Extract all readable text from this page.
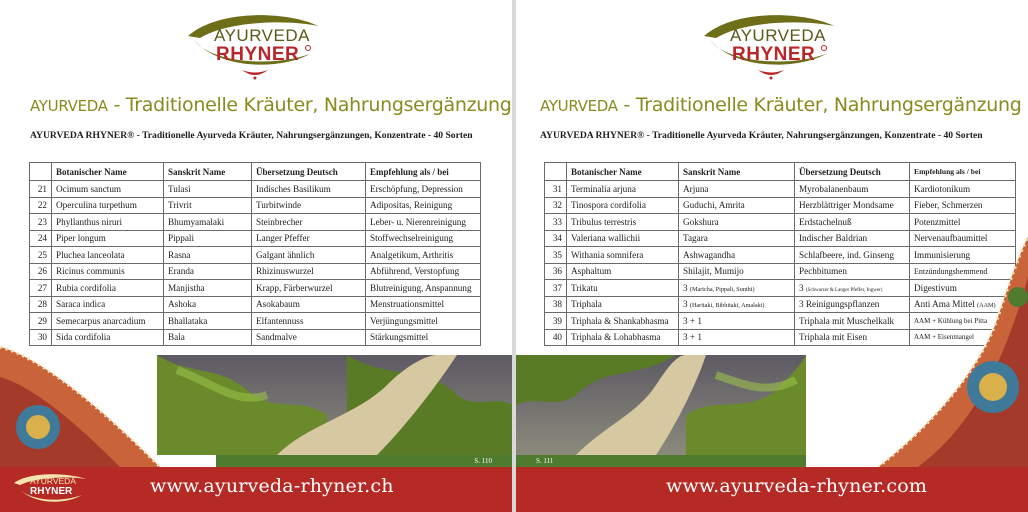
AYURVEDA
RHYNER
AYURVEDA - Traditionelle Kräuter, Nahrungsergänzung
AYURVEDA RHYNER® - Traditionelle Ayurveda Kräuter, Nahrungsergänzungen, Konzentrate - 40 Sorten
	Botanischer Name	Sanskrit Name	Übersetzung Deutsch	Empfehlung als / bei
21	Ocimum sanctum	Tulasi	Indisches Basilikum	Erschöpfung, Depression
22	Operculina turpethum	Trivrit	Turbitwinde	Adipositas, Reinigung
23	Phyllanthus niruri	Bhumyamalaki	Steinbrecher	Leber- u. Nierenreinigung
24	Piper longum	Pippali	Langer Pfeffer	Stoffwechselreinigung
25	Pluchea lanceolata	Rasna	Galgant ähnlich	Analgetikum, Arthritis
26	Ricinus communis	Eranda	Rhizinuswurzel	Abführend, Verstopfung
27	Rubia cordifolia	Manjistha	Krapp, Färberwurzel	Blutreinigung, Anspannung
28	Saraca indica	Ashoka	Asokabaum	Menstruationsmittel
29	Semecarpus anarcadium	Bhallataka	Elfantennuss	Verjüngungsmittel
30	Sida cordifolia	Bala	Sandmalve	Stärkungsmittel
S. 110
AYURVEDA
RHYNER	www.ayurveda-rhyner.ch
AYURVEDA
RHYNER
AYURVEDA - Traditionelle Kräuter, Nahrungsergänzung
AYURVEDA RHYNER® - Traditionelle Ayurveda Kräuter, Nahrungsergänzungen, Konzentrate - 40 Sorten
	Botanischer Name	Sanskrit Name	Übersetzung Deutsch	Empfehlung als / bei
31	Terminalia arjuna	Arjuna	Myrobalanenbaum	Kardiotonikum
32	Tinospora cordifolia	Guduchi, Amrita	Herzblättriger Mondsame	Fieber, Schmerzen
33	Tribulus terrestris	Gokshura	Erdstachelnuß	Potenzmittel
34	Valeriana wallichii	Tagara	Indischer Baldrian	Nervenaufbaumittel
35	Withania somnifera	Ashwagandha	Schlafbeere, ind. Ginseng	Immunisierung
36	Asphaltum	Shilajit, Mumijo	Pechbitumen	Entzündungshemmend
37	Trikatu	3 (Maricha, Pippali, Sunthi)	3 (Schwarzer & Langer Pfeffer, Ingwer)	Digestivum
38	Triphala	3 (Haritaki, Bibhitaki, Amalaki)	3 Reinigungspflanzen	Anti Ama Mittel (AAM)
39	Triphala & Shankabhasma	3 + 1	Triphala mit Muschelkalk	AAM + Kühlung bei Pitta
40	Triphala & Lohabhasma	3 + 1	Triphala mit Eisen	AAM + Eisenmangel
S. 111
www.ayurveda-rhyner.com
